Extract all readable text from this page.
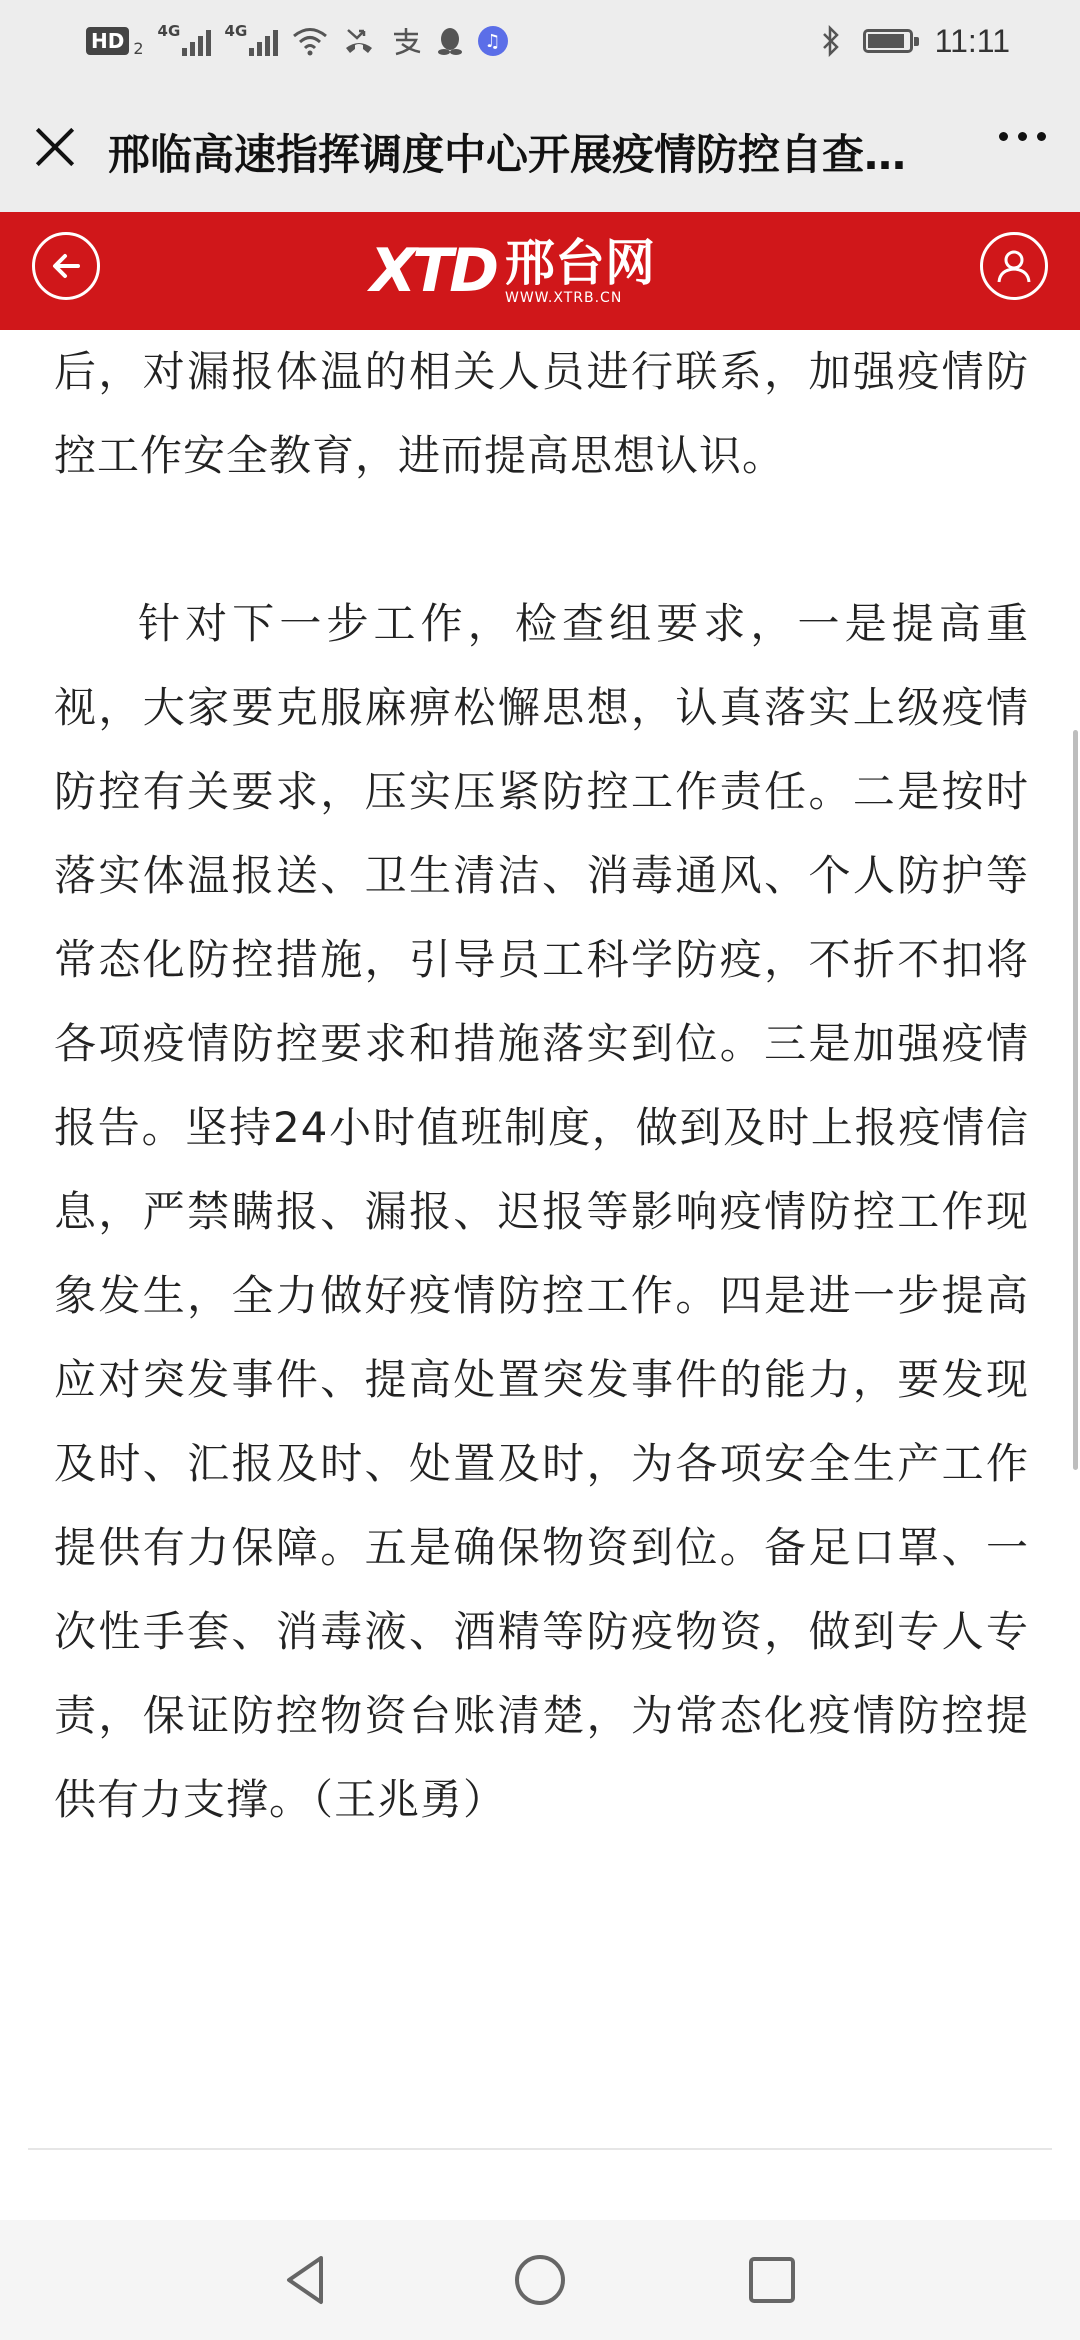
HD 2
4G	4G	♫	11:11
邢临高速指挥调度中心开展疫情防控自查…
XTD 邢台网
WWW.XTRB.CN

后，对漏报体温的相关人员进行联系，加强疫情防控工作安全教育，进而提高思想认识。

针对下一步工作，检查组要求，一是提高重视，大家要克服麻痹松懈思想，认真落实上级疫情防控有关要求，压实压紧防控工作责任。二是按时落实体温报送、卫生清洁、消毒通风、个人防护等常态化防控措施，引导员工科学防疫，不折不扣将各项疫情防控要求和措施落实到位。三是加强疫情报告。坚持24小时值班制度，做到及时上报疫情信息，严禁瞒报、漏报、迟报等影响疫情防控工作现象发生，全力做好疫情防控工作。四是进一步提高应对突发事件、提高处置突发事件的能力，要发现及时、汇报及时、处置及时，为各项安全生产工作提供有力保障。五是确保物资到位。备足口罩、一次性手套、消毒液、酒精等防疫物资，做到专人专责，保证防控物资台账清楚，为常态化疫情防控提供有力支撑。（王兆勇）
